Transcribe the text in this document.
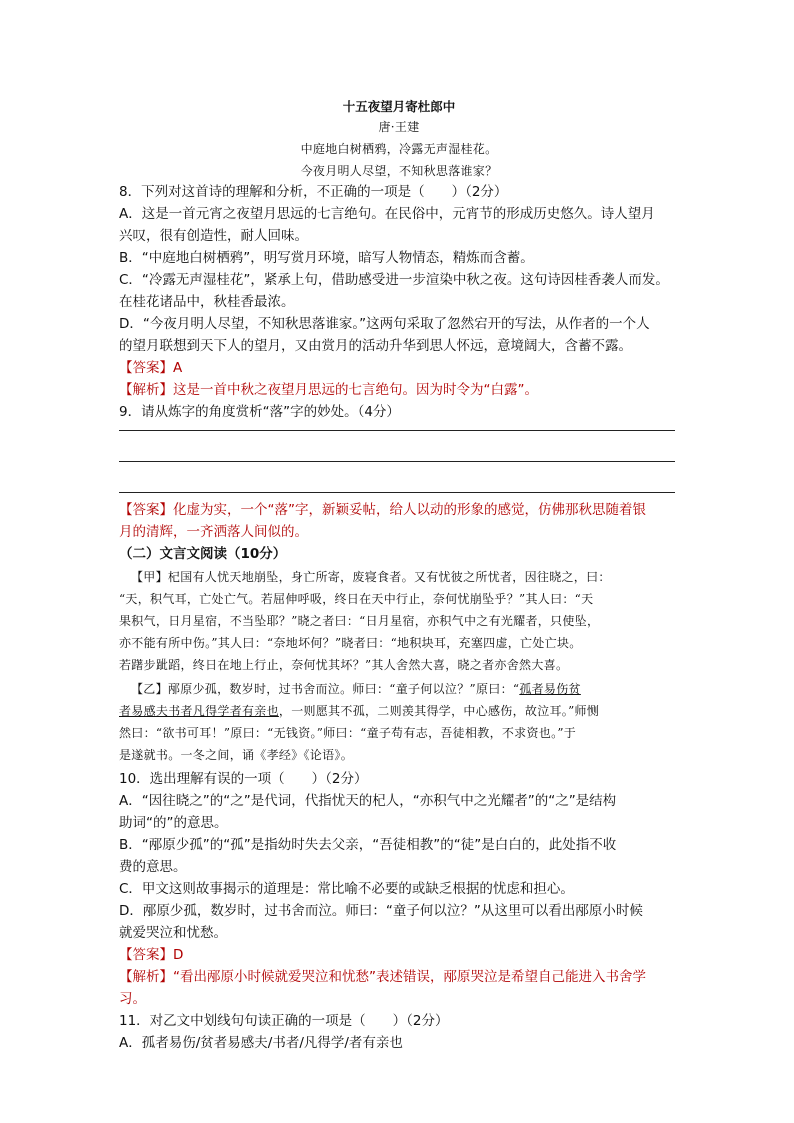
十五夜望月寄杜郎中
唐·王建
中庭地白树栖鸦，冷露无声湿桂花。
今夜月明人尽望，不知秋思落谁家？
8．下列对这首诗的理解和分析，不正确的一项是（　　）（2分）
A．这是一首元宵之夜望月思远的七言绝句。在民俗中，元宵节的形成历史悠久。诗人望月
兴叹，很有创造性，耐人回味。
B．“中庭地白树栖鸦”，明写赏月环境，暗写人物情态，精炼而含蓄。
C．“冷露无声湿桂花”，紧承上句，借助感受进一步渲染中秋之夜。这句诗因桂香袭人而发。
在桂花诸品中，秋桂香最浓。
D．“今夜月明人尽望，不知秋思落谁家。”这两句采取了忽然宕开的写法，从作者的一个人
的望月联想到天下人的望月，又由赏月的活动升华到思人怀远，意境阔大，含蓄不露。
【答案】A
【解析】这是一首中秋之夜望月思远的七言绝句。因为时令为“白露”。
9．请从炼字的角度赏析“落”字的妙处。（4分）
【答案】化虚为实，一个“落”字，新颖妥帖，给人以动的形象的感觉，仿佛那秋思随着银
月的清辉，一齐洒落人间似的。
（二）文言文阅读（10分）
【甲】杞国有人忧天地崩坠，身亡所寄，废寝食者。又有忧彼之所忧者，因往晓之，曰：
“天，积气耳，亡处亡气。若屈伸呼吸，终日在天中行止，奈何忧崩坠乎？”其人曰：“天
果积气，日月星宿，不当坠耶？”晓之者曰：“日月星宿，亦积气中之有光耀者，只使坠，
亦不能有所中伤。”其人曰：“奈地坏何？”晓者曰：“地积块耳，充塞四虚，亡处亡块。
若躇步跐蹈，终日在地上行止，奈何忧其坏？”其人舍然大喜，晓之者亦舍然大喜。
【乙】邴原少孤，数岁时，过书舍而泣。师曰：“童子何以泣？”原曰：“孤者易伤贫
者易感夫书者凡得学者有亲也，一则愿其不孤，二则羡其得学，中心感伤，故泣耳。”师恻
然曰：“欲书可耳！”原曰：“无钱资。”师曰：“童子苟有志，吾徒相教，不求资也。”于
是遂就书。一冬之间，诵《孝经》《论语》。
10．选出理解有误的一项（　　）（2分）
A．“因往晓之”的“之”是代词，代指忧天的杞人，“亦积气中之光耀者”的“之”是结构
助词“的”的意思。
B．“邴原少孤”的“孤”是指幼时失去父亲，“吾徒相教”的“徒”是白白的，此处指不收
费的意思。
C．甲文这则故事揭示的道理是：常比喻不必要的或缺乏根据的忧虑和担心。
D．邴原少孤，数岁时，过书舍而泣。师曰：“童子何以泣？”从这里可以看出邴原小时候
就爱哭泣和忧愁。
【答案】D
【解析】“看出邴原小时候就爱哭泣和忧愁”表述错误，邴原哭泣是希望自己能进入书舍学
习。
11．对乙文中划线句句读正确的一项是（　　）（2分）
A．孤者易伤/贫者易感夫/书者/凡得学/者有亲也
